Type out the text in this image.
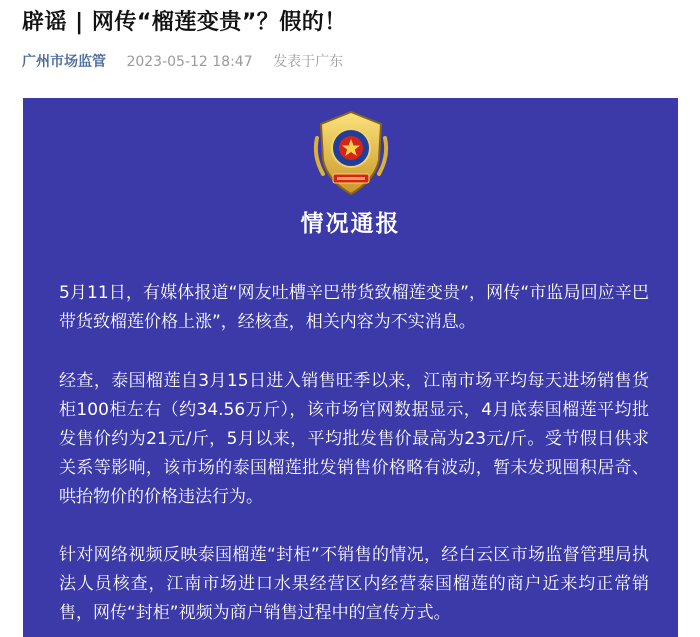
辟谣 | 网传“榴莲变贵”？假的！
广州市场监管 2023-05-12 18:47 发表于广东
情况通报

5月11日，有媒体报道“网友吐槽辛巴带货致榴莲变贵”，网传“市监局回应辛巴带货致榴莲价格上涨”，经核查，相关内容为不实消息。

经查，泰国榴莲自3月15日进入销售旺季以来，江南市场平均每天进场销售货柜100柜左右（约34.56万斤），该市场官网数据显示，4月底泰国榴莲平均批发售价约为21元/斤，5月以来，平均批发售价最高为23元/斤。受节假日供求关系等影响，该市场的泰国榴莲批发销售价格略有波动，暂未发现囤积居奇、哄抬物价的价格违法行为。

针对网络视频反映泰国榴莲“封柜”不销售的情况，经白云区市场监督管理局执法人员核查，江南市场进口水果经营区内经营泰国榴莲的商户近来均正常销售，网传“封柜”视频为商户销售过程中的宣传方式。
